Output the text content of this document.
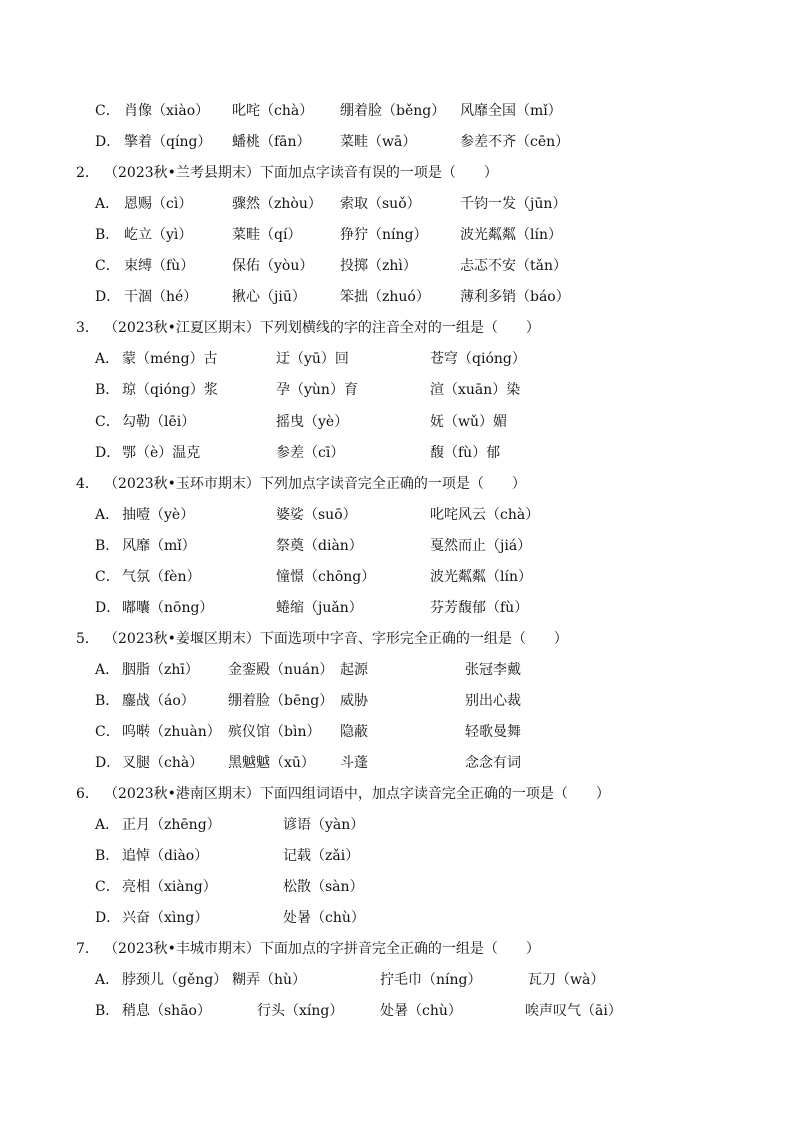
C． 肖像（xiào） 叱咤（chà） 绷着脸（běng） 风靡全国（mǐ）
D． 擎着（qíng） 蟠桃（fān） 菜畦（wā）	参差不齐（cēn）
2． （2023秋•兰考县期末）下面加点字读音有误的一项是（　　）
A． 恩赐（cì）	骤然（zhòu） 索取（suǒ）	千钧一发（jūn）
B． 屹立（yì）	菜畦（qí）	狰狞（níng） 波光粼粼（lín）
C． 束缚（fù）	保佑（yòu） 投掷（zhì）	忐忑不安（tǎn）
D． 干涸（hé） 揪心（jiū） 笨拙（zhuó） 薄利多销（báo）
3． （2023秋•江夏区期末）下列划横线的字的注音全对的一组是（　　）
A． 蒙（méng）古	迂（yū）回	苍穹（qióng）
B． 琼（qióng）浆	孕（yùn）育	渲（xuān）染
C． 勾勒（lēi）	摇曳（yè）	妩（wǔ）媚
D． 鄂（è）温克	参差（cī）	馥（fù）郁
4． （2023秋•玉环市期末）下列加点字读音完全正确的一项是（　　）
A． 抽噎（yè）	婆娑（suō）	叱咤风云（chà）
B． 风靡（mǐ）	祭奠（diàn）	戛然而止（jiá）
C． 气氛（fèn）	憧憬（chōng）	波光粼粼（lín）
D． 嘟囔（nōng）	蜷缩（juǎn）	芬芳馥郁（fù）
5． （2023秋•姜堰区期末）下面选项中字音、字形完全正确的一组是（　　）
A． 胭脂（zhī） 金銮殿（nuán） 起源	张冠李戴
B． 鏖战（áo） 绷着脸（bēng） 威胁	别出心裁
C． 呜啭（zhuàn） 殡仪馆（bìn） 隐蔽	轻歌曼舞
D． 叉腿（chà） 黑魆魆（xū） 斗蓬	念念有词
6． （2023秋•港南区期末）下面四组词语中，加点字读音完全正确的一项是（　　）
A． 正月（zhēng）	谚语（yàn）
B． 追悼（diào）	记载（zǎi）
C． 亮相（xiàng）	松散（sàn）
D． 兴奋（xìng）	处暑（chù）
7． （2023秋•丰城市期末）下面加点的字拼音完全正确的一组是（　　）
A． 脖颈儿（gěng） 糊弄（hù）	拧毛巾（níng）	瓦刀（wà）
B． 稍息（shāo）	行头（xíng）	处暑（chù）	唉声叹气（āi）
